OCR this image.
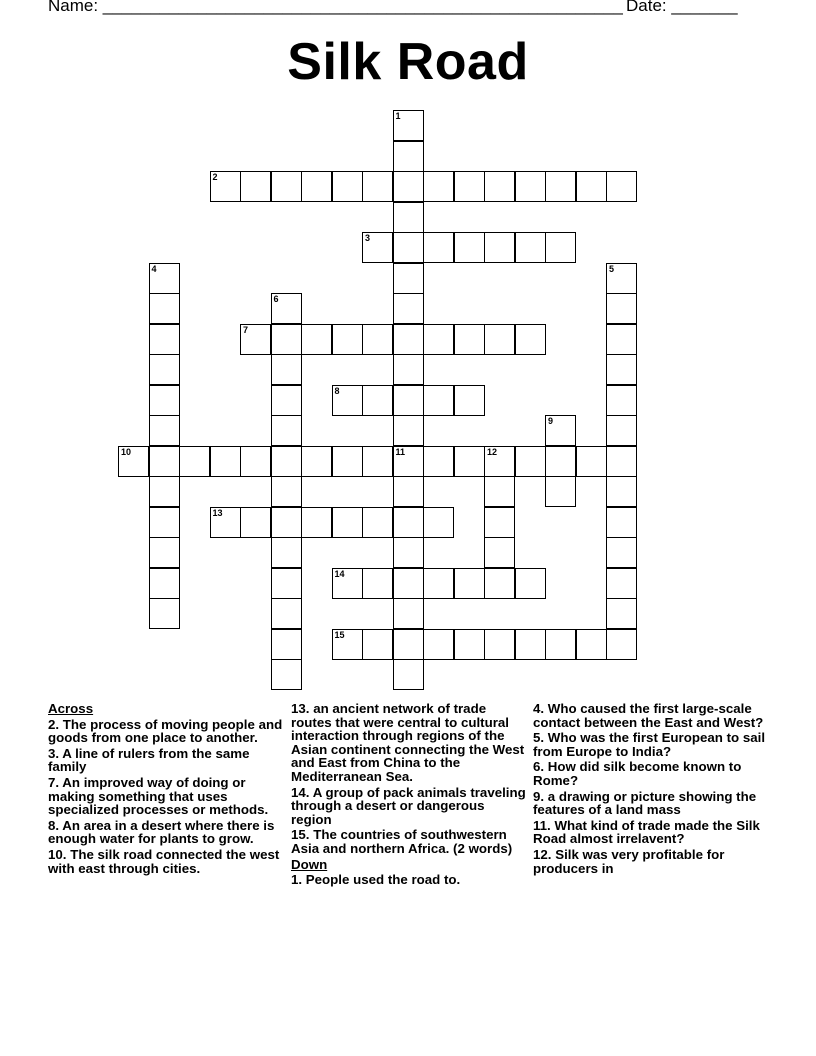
Name: _______________________________________________________ Date: _______
Silk Road
1
11
2
3
4	5
6
7
8
9
10	12
13
14
15
Across
2. The process of moving people and goods from one place to another.
3. A line of rulers from the same family
7. An improved way of doing or making something that uses specialized processes or methods.
8. An area in a desert where there is enough water for plants to grow.
10. The silk road connected the west with east through cities.
13. an ancient network of trade routes that were central to cultural interaction through regions of the Asian continent connecting the West and East from China to the Mediterranean Sea.
14. A group of pack animals traveling through a desert or dangerous region
15. The countries of southwestern Asia and northern Africa. (2 words)
Down
1. People used the road to.
4. Who caused the first large-scale contact between the East and West?
5. Who was the first European to sail from Europe to India?
6. How did silk become known to Rome?
9. a drawing or picture showing the features of a land mass
11. What kind of trade made the Silk Road almost irrelavent?
12. Silk was very profitable for producers in
